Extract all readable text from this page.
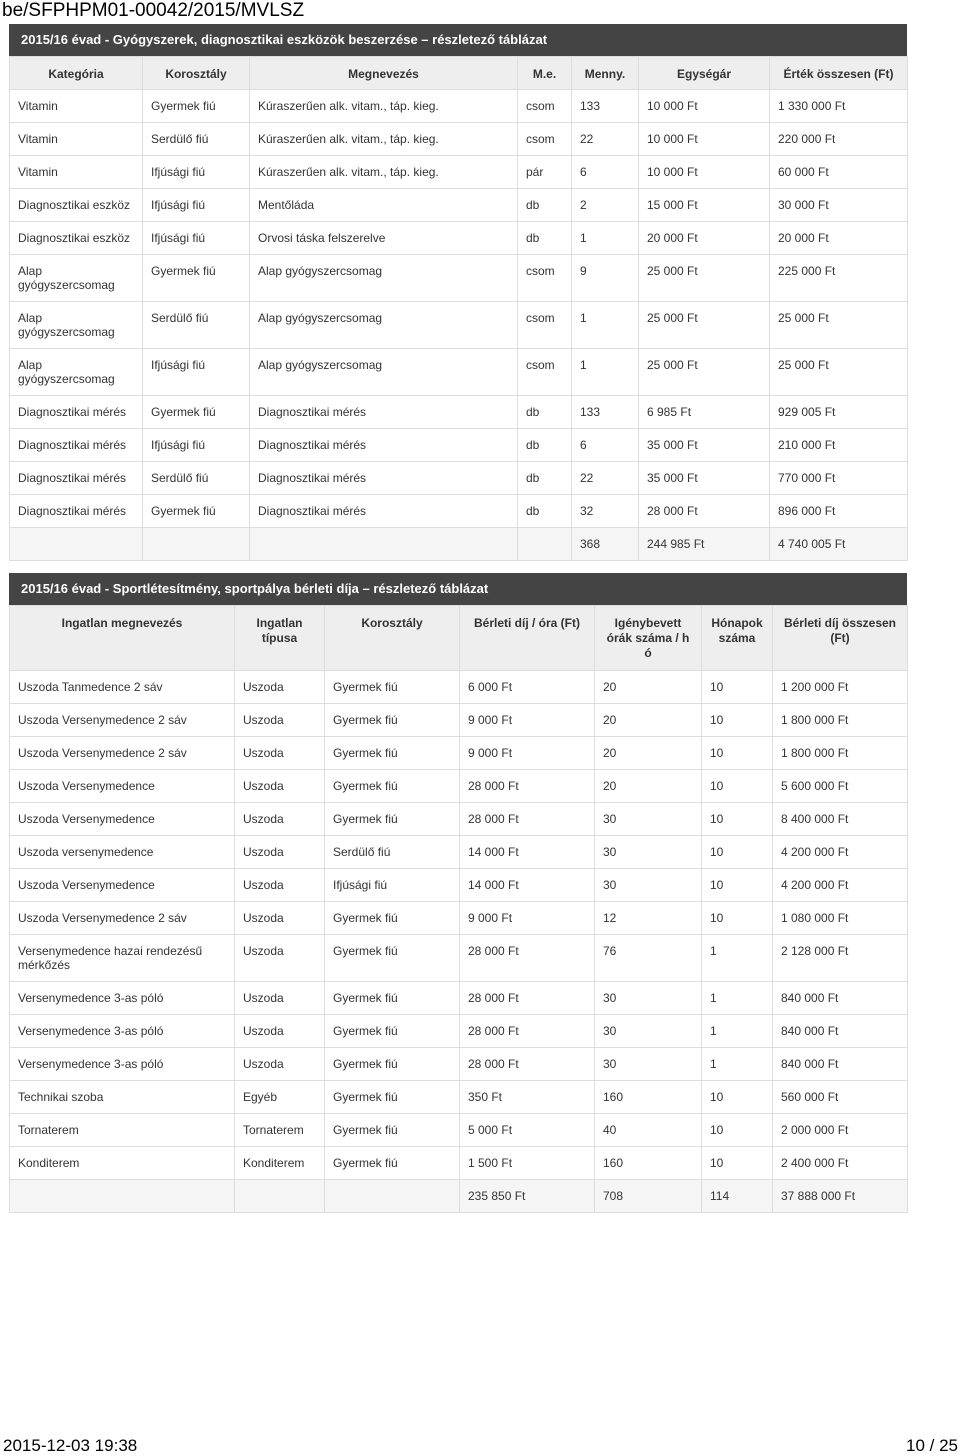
be/SFPHPM01-00042/2015/MVLSZ
2015/16 évad - Gyógyszerek, diagnosztikai eszközök beszerzése – részletező táblázat
Kategória	Korosztály	Megnevezés	M.e.	Menny.	Egységár	Érték összesen (Ft)
Vitamin	Gyermek fiú	Kúraszerűen alk. vitam., táp. kieg.	csom	133	10 000 Ft	1 330 000 Ft
Vitamin	Serdülő fiú	Kúraszerűen alk. vitam., táp. kieg.	csom	22	10 000 Ft	220 000 Ft
Vitamin	Ifjúsági fiú	Kúraszerűen alk. vitam., táp. kieg.	pár	6	10 000 Ft	60 000 Ft
Diagnosztikai eszköz	Ifjúsági fiú	Mentőláda	db	2	15 000 Ft	30 000 Ft
Diagnosztikai eszköz	Ifjúsági fiú	Orvosi táska felszerelve	db	1	20 000 Ft	20 000 Ft
Alap gyógyszercsomag	Gyermek fiú	Alap gyógyszercsomag	csom	9	25 000 Ft	225 000 Ft
Alap gyógyszercsomag	Serdülő fiú	Alap gyógyszercsomag	csom	1	25 000 Ft	25 000 Ft
Alap gyógyszercsomag	Ifjúsági fiú	Alap gyógyszercsomag	csom	1	25 000 Ft	25 000 Ft
Diagnosztikai mérés	Gyermek fiú	Diagnosztikai mérés	db	133	6 985 Ft	929 005 Ft
Diagnosztikai mérés	Ifjúsági fiú	Diagnosztikai mérés	db	6	35 000 Ft	210 000 Ft
Diagnosztikai mérés	Serdülő fiú	Diagnosztikai mérés	db	22	35 000 Ft	770 000 Ft
Diagnosztikai mérés	Gyermek fiú	Diagnosztikai mérés	db	32	28 000 Ft	896 000 Ft
				368	244 985 Ft	4 740 005 Ft
2015/16 évad - Sportlétesítmény, sportpálya bérleti díja – részletező táblázat
Ingatlan megnevezés	Ingatlan típusa	Korosztály	Bérleti díj / óra (Ft)	Igénybevett órák száma / h ó	Hónapok száma	Bérleti díj összesen (Ft)
Uszoda Tanmedence 2 sáv	Uszoda	Gyermek fiú	6 000 Ft	20	10	1 200 000 Ft
Uszoda Versenymedence 2 sáv	Uszoda	Gyermek fiú	9 000 Ft	20	10	1 800 000 Ft
Uszoda Versenymedence 2 sáv	Uszoda	Gyermek fiú	9 000 Ft	20	10	1 800 000 Ft
Uszoda Versenymedence	Uszoda	Gyermek fiú	28 000 Ft	20	10	5 600 000 Ft
Uszoda Versenymedence	Uszoda	Gyermek fiú	28 000 Ft	30	10	8 400 000 Ft
Uszoda versenymedence	Uszoda	Serdülő fiú	14 000 Ft	30	10	4 200 000 Ft
Uszoda Versenymedence	Uszoda	Ifjúsági fiú	14 000 Ft	30	10	4 200 000 Ft
Uszoda Versenymedence 2 sáv	Uszoda	Gyermek fiú	9 000 Ft	12	10	1 080 000 Ft
Versenymedence hazai rendezésű mérkőzés	Uszoda	Gyermek fiú	28 000 Ft	76	1	2 128 000 Ft
Versenymedence 3-as póló	Uszoda	Gyermek fiú	28 000 Ft	30	1	840 000 Ft
Versenymedence 3-as póló	Uszoda	Gyermek fiú	28 000 Ft	30	1	840 000 Ft
Versenymedence 3-as póló	Uszoda	Gyermek fiú	28 000 Ft	30	1	840 000 Ft
Technikai szoba	Egyéb	Gyermek fiú	350 Ft	160	10	560 000 Ft
Tornaterem	Tornaterem	Gyermek fiú	5 000 Ft	40	10	2 000 000 Ft
Konditerem	Konditerem	Gyermek fiú	1 500 Ft	160	10	2 400 000 Ft
			235 850 Ft	708	114	37 888 000 Ft
2015-12-03 19:38	10 / 25
